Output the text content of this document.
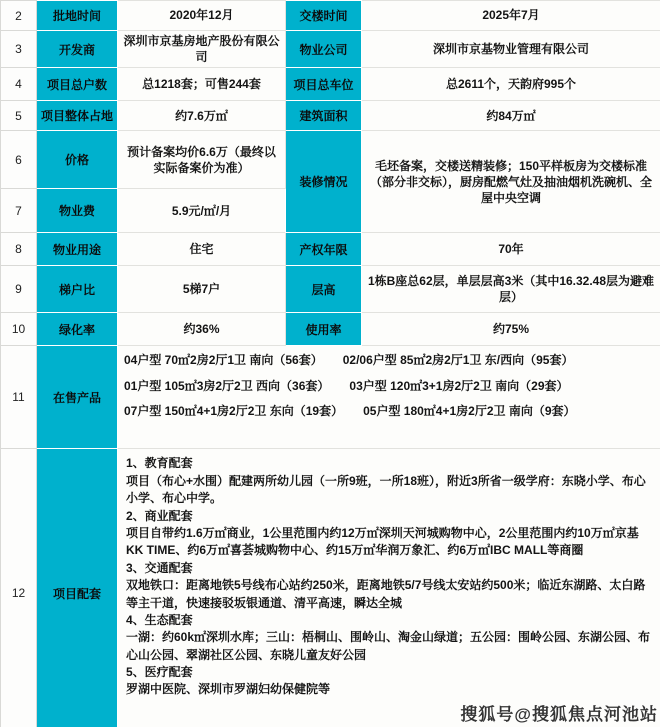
2	批地时间	2020年12月	交楼时间	2025年7月
3	开发商	深圳市京基房地产股份有限公司	物业公司	深圳市京基物业管理有限公司
4	项目总户数	总1218套；可售244套	项目总车位	总2611个，天韵府995个
5	项目整体占地	约7.6万㎡	建筑面积	约84万㎡
6	价格	预计备案均价6.6万（最终以实际备案价为准）	装修情况	毛坯备案，交楼送精装修；150平样板房为交楼标准（部分非交标），厨房配燃气灶及抽油烟机洗碗机、全屋中央空调
7	物业费	5.9元/㎡/月		
8	物业用途	住宅	产权年限	70年
9	梯户比	5梯7户	层高	1栋B座总62层，单层层高3米（其中16.32.48层为避难层）
10	绿化率	约36%	使用率	约75%
11	在售产品	04户型 70㎡2房2厅1卫 南向（56套）      02/06户型 85㎡2房2厅1卫 东/西向（95套）
01户型 105㎡3房2厅2卫 西向（36套）      03户型 120㎡3+1房2厅2卫 南向（29套）
07户型 150㎡4+1房2厅2卫 东向（19套）      05户型 180㎡4+1房2厅2卫 南向（9套）		

12	项目配套	
1、教育配套
项目（布心+水围）配建两所幼儿园（一所9班，一所18班），附近3所省一级学府：东晓小学、布心小学、布心中学。
2、商业配套
项目自带约1.6万㎡商业，1公里范围内约12万㎡深圳天河城购物中心，2公里范围内约10万㎡京基KK TIME、约6万㎡喜荟城购物中心、约15万㎡华润万象汇、约6万㎡IBC MALL等商圈
3、交通配套
双地铁口：距离地铁5号线布心站约250米，距离地铁5/7号线太安站约500米；临近东湖路、太白路等主干道，快速接驳坂银通道、清平高速，瞬达全城
4、生态配套
一湖：约60k㎡深圳水库；三山：梧桐山、围岭山、淘金山绿道；五公园：围岭公园、东湖公园、布心山公园、翠湖社区公园、东晓儿童友好公园
5、医疗配套
罗湖中医院、深圳市罗湖妇幼保健院等
搜狐号@搜狐焦点河池站
